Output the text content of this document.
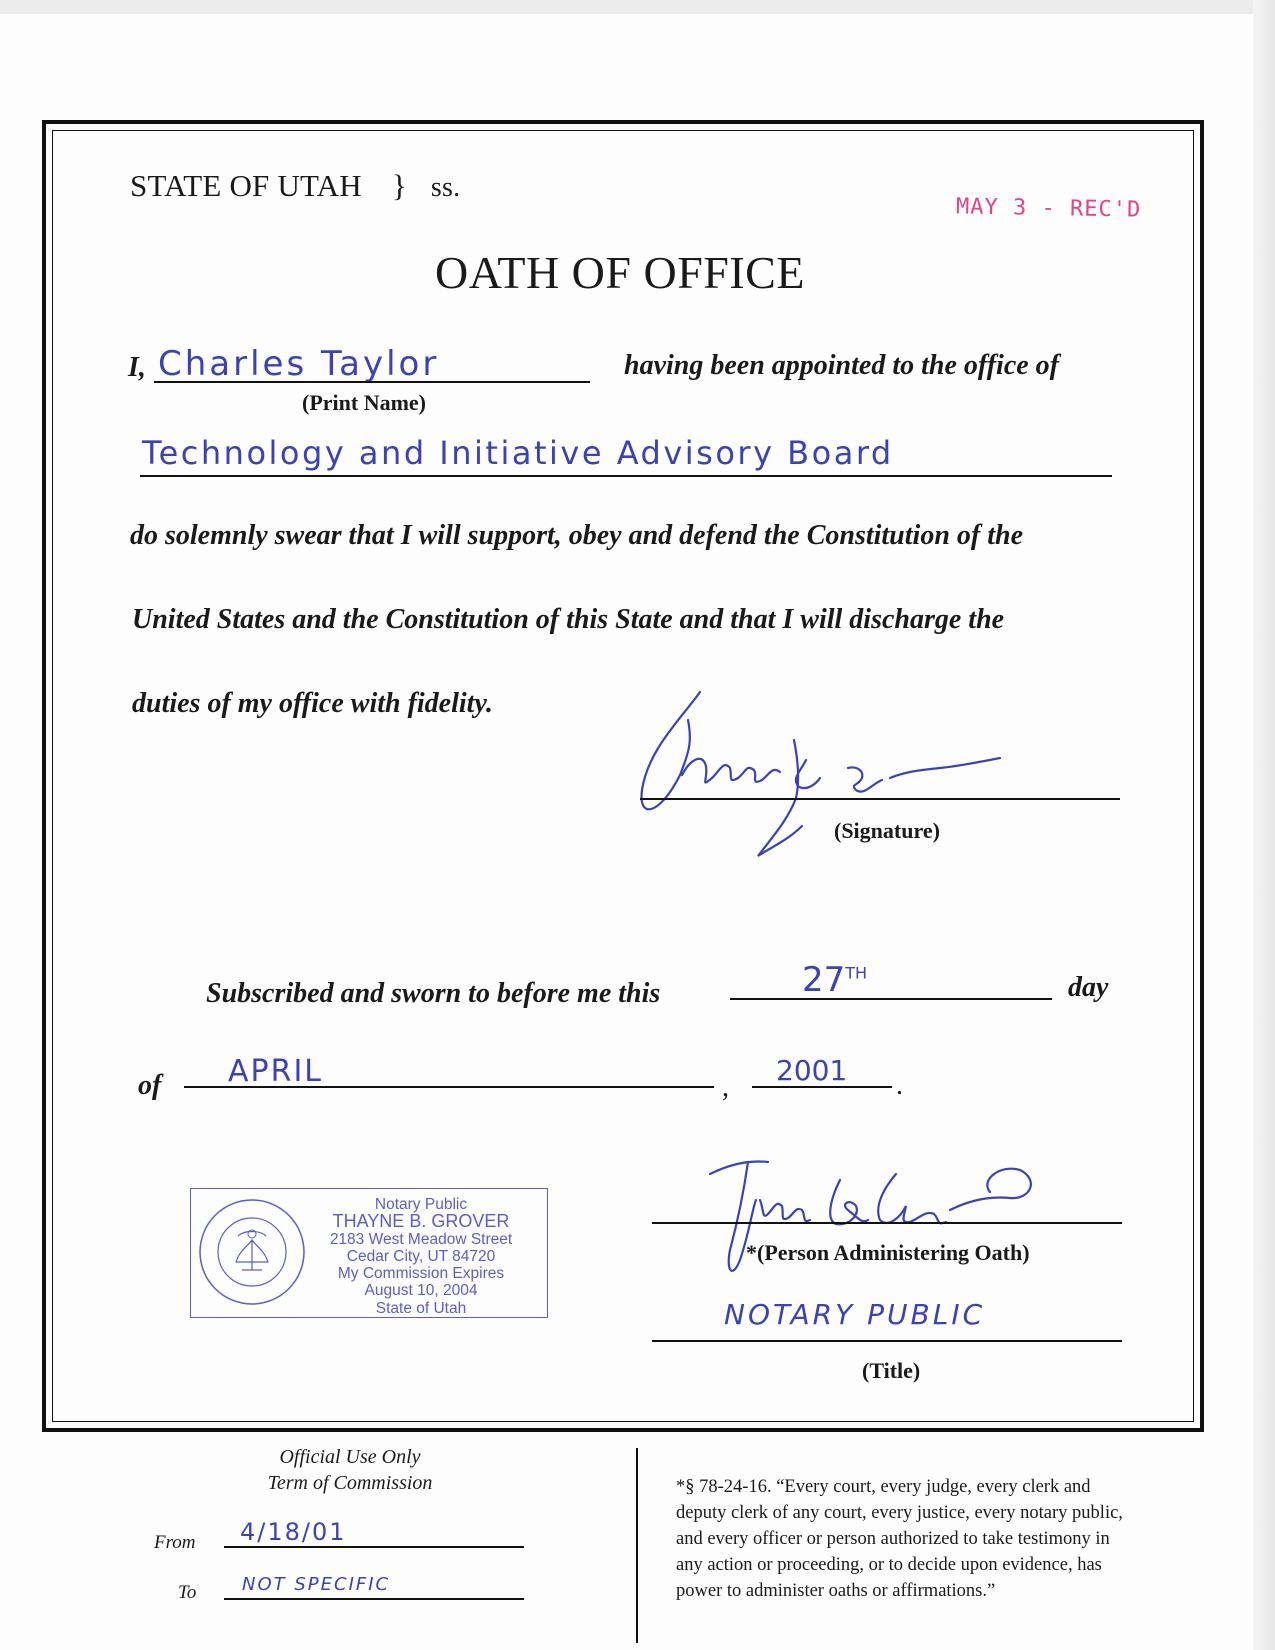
STATE OF UTAH } ss.
MAY 3 - REC'D
OATH OF OFFICE
I, Charles Taylor
(Print Name)
having been appointed to the office of
Technology and Initiative Advisory Board
do solemnly swear that I will support, obey and defend the Constitution of the
United States and the Constitution of this State and that I will discharge the
duties of my office with fidelity.
(Signature)
Subscribed and sworn to before me this	27TH	day
of APRIL	,
2001 .
Notary Public
THAYNE B. GROVER
2183 West Meadow Street
Cedar City, UT 84720
My Commission Expires
August 10, 2004
State of Utah
*(Person Administering Oath)
NOTARY PUBLIC
(Title)
Official Use Only
Term of Commission
From 4/18/01
To	NOT SPECIFIC
*§ 78-24-16. “Every court, every judge, every clerk and
deputy clerk of any court, every justice, every notary public,
and every officer or person authorized to take testimony in
any action or proceeding, or to decide upon evidence, has
power to administer oaths or affirmations.”
